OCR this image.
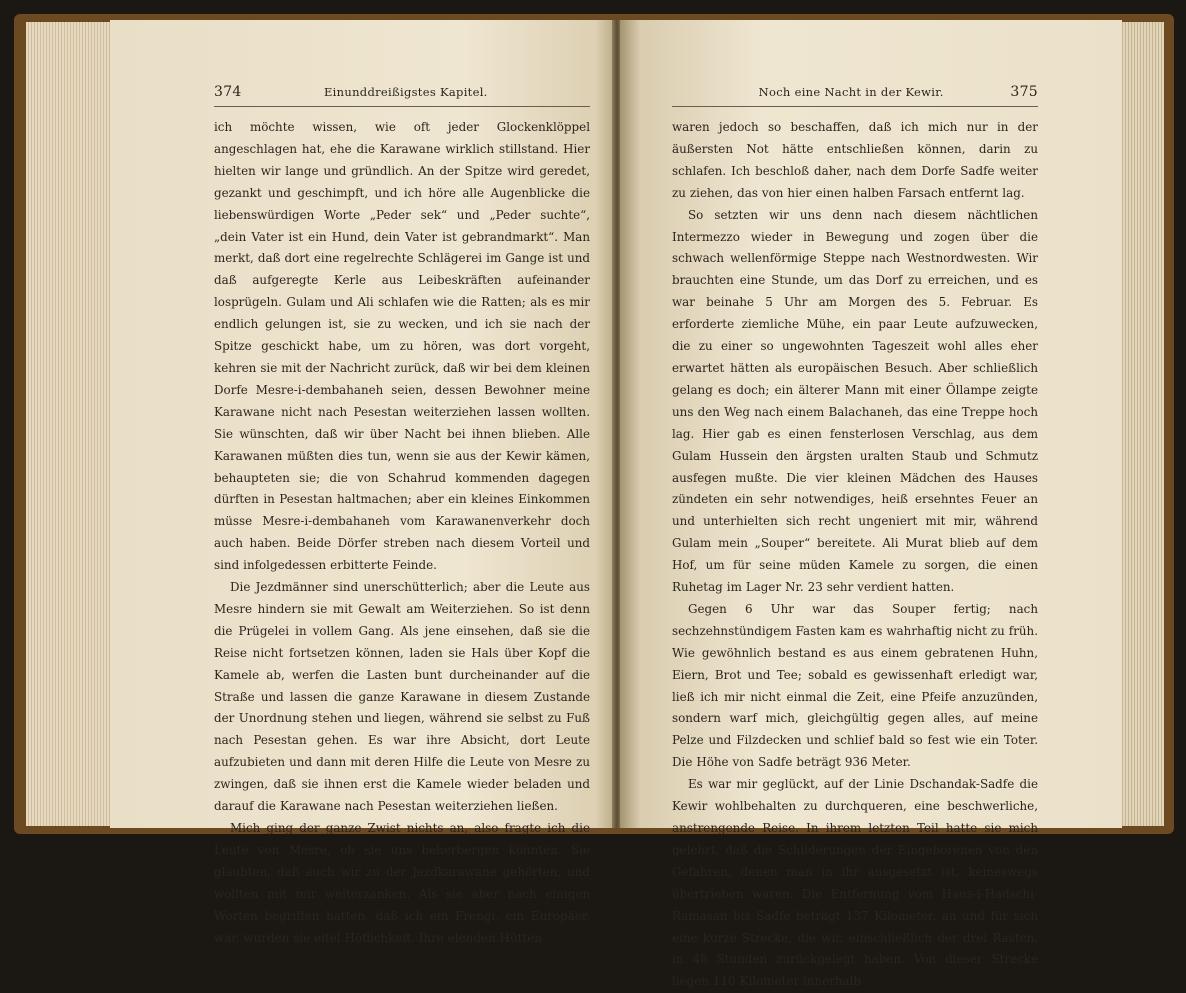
374	Einunddreißigstes Kapitel.

ich möchte wissen, wie oft jeder Glockenklöppel angeschlagen hat, ehe die Karawane wirklich stillstand. Hier hielten wir lange und gründlich. An der Spitze wird geredet, gezankt und geschimpft, und ich höre alle Augenblicke die liebenswürdigen Worte „Peder sek“ und „Peder suchte“, „dein Vater ist ein Hund, dein Vater ist gebrandmarkt“. Man merkt, daß dort eine regelrechte Schlägerei im Gange ist und daß aufgeregte Kerle aus Leibeskräften aufeinander losprügeln. Gulam und Ali schlafen wie die Ratten; als es mir endlich gelungen ist, sie zu wecken, und ich sie nach der Spitze geschickt habe, um zu hören, was dort vorgeht, kehren sie mit der Nachricht zurück, daß wir bei dem kleinen Dorfe Mesre-i-dembahaneh seien, dessen Bewohner meine Karawane nicht nach Pesestan weiterziehen lassen wollten. Sie wünschten, daß wir über Nacht bei ihnen blieben. Alle Karawanen müßten dies tun, wenn sie aus der Kewir kämen, behaupteten sie; die von Schahrud kommenden dagegen dürften in Pesestan haltmachen; aber ein kleines Einkommen müsse Mesre-i-dembahaneh vom Karawanenverkehr doch auch haben. Beide Dörfer streben nach diesem Vorteil und sind infolgedessen erbitterte Feinde.

Die Jezdmänner sind unerschütterlich; aber die Leute aus Mesre hindern sie mit Gewalt am Weiterziehen. So ist denn die Prügelei in vollem Gang. Als jene einsehen, daß sie die Reise nicht fortsetzen können, laden sie Hals über Kopf die Kamele ab, werfen die Lasten bunt durcheinander auf die Straße und lassen die ganze Karawane in diesem Zustande der Unordnung stehen und liegen, während sie selbst zu Fuß nach Pesestan gehen. Es war ihre Absicht, dort Leute aufzubieten und dann mit deren Hilfe die Leute von Mesre zu zwingen, daß sie ihnen erst die Kamele wieder beladen und darauf die Karawane nach Pesestan weiterziehen ließen.

Mich ging der ganze Zwist nichts an, also fragte ich die Leute von Mesre, ob sie uns beherbergen könnten. Sie glaubten, daß auch wir zu der Jezdkarawane gehörten, und wollten mit mir weiterzanken. Als sie aber nach einigen Worten begriffen hatten, daß ich ein Frengi, ein Europäer, war, wurden sie eitel Höflichkeit. Ihre elenden Hütten

Noch eine Nacht in der Kewir.	375

waren jedoch so beschaffen, daß ich mich nur in der äußersten Not hätte entschließen können, darin zu schlafen. Ich beschloß daher, nach dem Dorfe Sadfe weiter zu ziehen, das von hier einen halben Farsach entfernt lag.

So setzten wir uns denn nach diesem nächtlichen Intermezzo wieder in Bewegung und zogen über die schwach wellenförmige Steppe nach Westnordwesten. Wir brauchten eine Stunde, um das Dorf zu erreichen, und es war beinahe 5 Uhr am Morgen des 5. Februar. Es erforderte ziemliche Mühe, ein paar Leute aufzuwecken, die zu einer so ungewohnten Tageszeit wohl alles eher erwartet hätten als europäischen Besuch. Aber schließlich gelang es doch; ein älterer Mann mit einer Öllampe zeigte uns den Weg nach einem Balachaneh, das eine Treppe hoch lag. Hier gab es einen fensterlosen Verschlag, aus dem Gulam Hussein den ärgsten uralten Staub und Schmutz ausfegen mußte. Die vier kleinen Mädchen des Hauses zündeten ein sehr notwendiges, heiß ersehntes Feuer an und unterhielten sich recht ungeniert mit mir, während Gulam mein „Souper“ bereitete. Ali Murat blieb auf dem Hof, um für seine müden Kamele zu sorgen, die einen Ruhetag im Lager Nr. 23 sehr verdient hatten.

Gegen 6 Uhr war das Souper fertig; nach sechzehnstündigem Fasten kam es wahrhaftig nicht zu früh. Wie gewöhnlich bestand es aus einem gebratenen Huhn, Eiern, Brot und Tee; sobald es gewissenhaft erledigt war, ließ ich mir nicht einmal die Zeit, eine Pfeife anzuzünden, sondern warf mich, gleichgültig gegen alles, auf meine Pelze und Filzdecken und schlief bald so fest wie ein Toter. Die Höhe von Sadfe beträgt 936 Meter.

Es war mir geglückt, auf der Linie Dschandak-Sadfe die Kewir wohlbehalten zu durchqueren, eine beschwerliche, anstrengende Reise. In ihrem letzten Teil hatte sie mich gelehrt, daß die Schilderungen der Eingeborenen von den Gefahren, denen man in ihr ausgesetzt ist, keineswegs übertrieben waren. Die Entfernung vom Haus-i-Hadschi-Ramasan bis Sadfe beträgt 137 Kilometer, an und für sich eine kurze Strecke, die wir, einschließlich der drei Rasten, in 48 Stunden zurückgelegt haben. Von dieser Strecke liegen 110 Kilometer innerhalb
